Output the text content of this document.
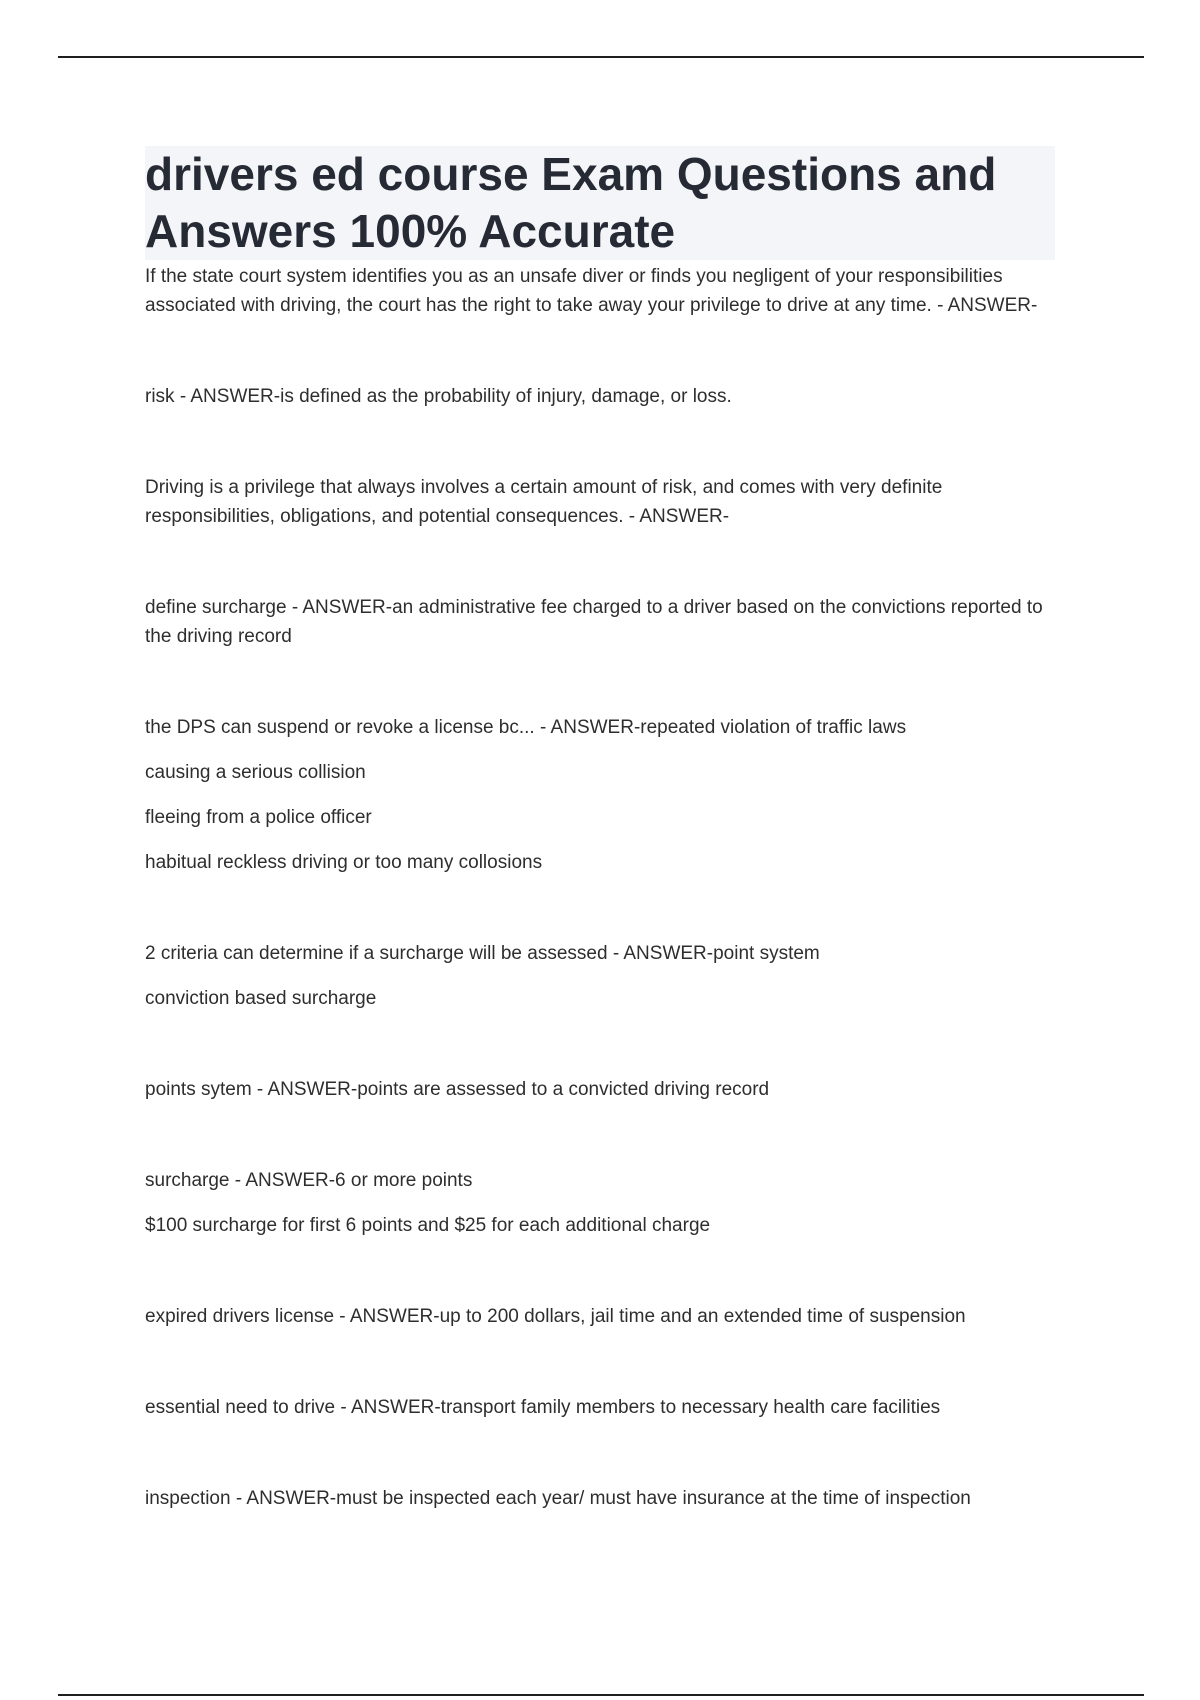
drivers ed course Exam Questions and Answers 100% Accurate

If the state court system identifies you as an unsafe diver or finds you negligent of your responsibilities associated with driving, the court has the right to take away your privilege to drive at any time. - ANSWER-

risk - ANSWER-is defined as the probability of injury, damage, or loss.

Driving is a privilege that always involves a certain amount of risk, and comes with very definite responsibilities, obligations, and potential consequences. - ANSWER-

define surcharge - ANSWER-an administrative fee charged to a driver based on the convictions reported to the driving record

the DPS can suspend or revoke a license bc... - ANSWER-repeated violation of traffic laws

causing a serious collision

fleeing from a police officer

habitual reckless driving or too many collosions

2 criteria can determine if a surcharge will be assessed - ANSWER-point system

conviction based surcharge

points sytem - ANSWER-points are assessed to a convicted driving record

surcharge - ANSWER-6 or more points

$100 surcharge for first 6 points and $25 for each additional charge

expired drivers license - ANSWER-up to 200 dollars, jail time and an extended time of suspension

essential need to drive - ANSWER-transport family members to necessary health care facilities

inspection - ANSWER-must be inspected each year/ must have insurance at the time of inspection
